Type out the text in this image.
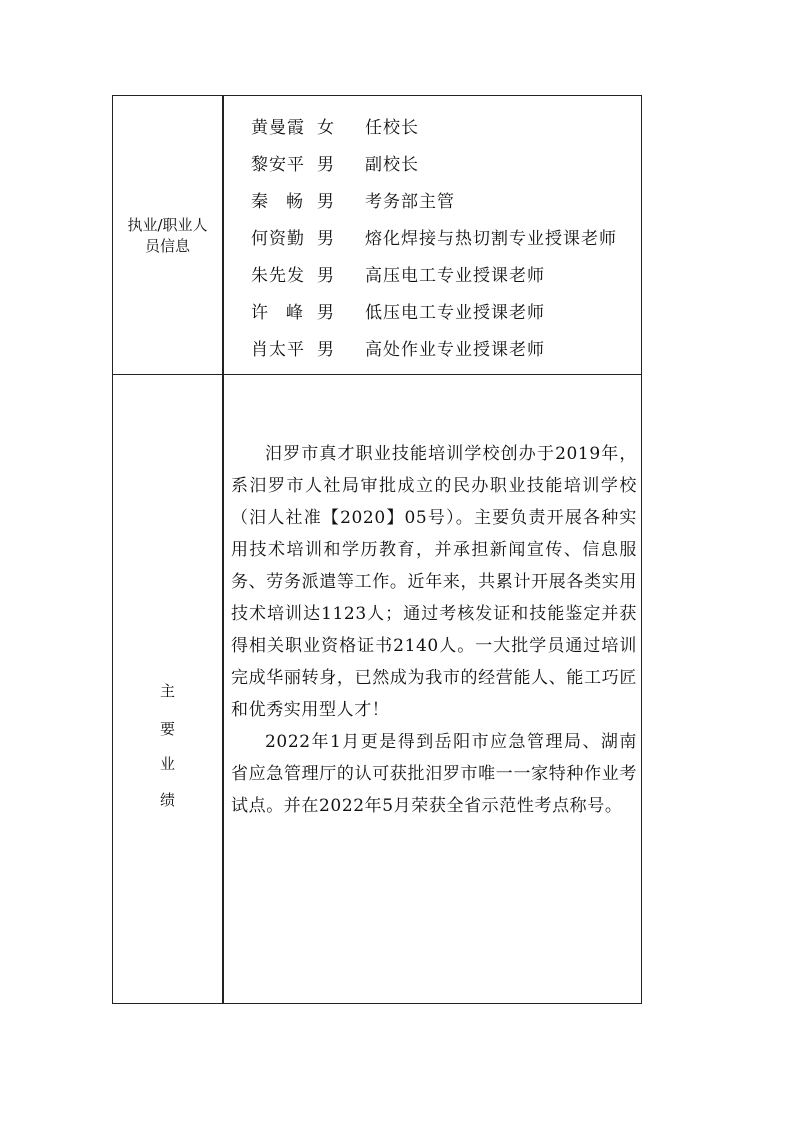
执业/职业人员信息
黄曼霞 女 任校长
黎安平 男 副校长
秦畅
男 考务部主管
何资勤 男 熔化焊接与热切割专业授课老师
朱先发 男 高压电工专业授课老师
许峰
男 低压电工专业授课老师
肖太平 男 高处作业专业授课老师
主
要
业
绩

汨罗市真才职业技能培训学校创办于2019年，系汨罗市人社局审批成立的民办职业技能培训学校（汨人社准【2020】05号）。主要负责开展各种实用技术培训和学历教育，并承担新闻宣传、信息服务、劳务派遣等工作。近年来，共累计开展各类实用技术培训达1123人；通过考核发证和技能鉴定并获得相关职业资格证书2140人。一大批学员通过培训完成华丽转身，已然成为我市的经营能人、能工巧匠和优秀实用型人才！

2022年1月更是得到岳阳市应急管理局、湖南省应急管理厅的认可获批汨罗市唯一一家特种作业考试点。并在2022年5月荣获全省示范性考点称号。
